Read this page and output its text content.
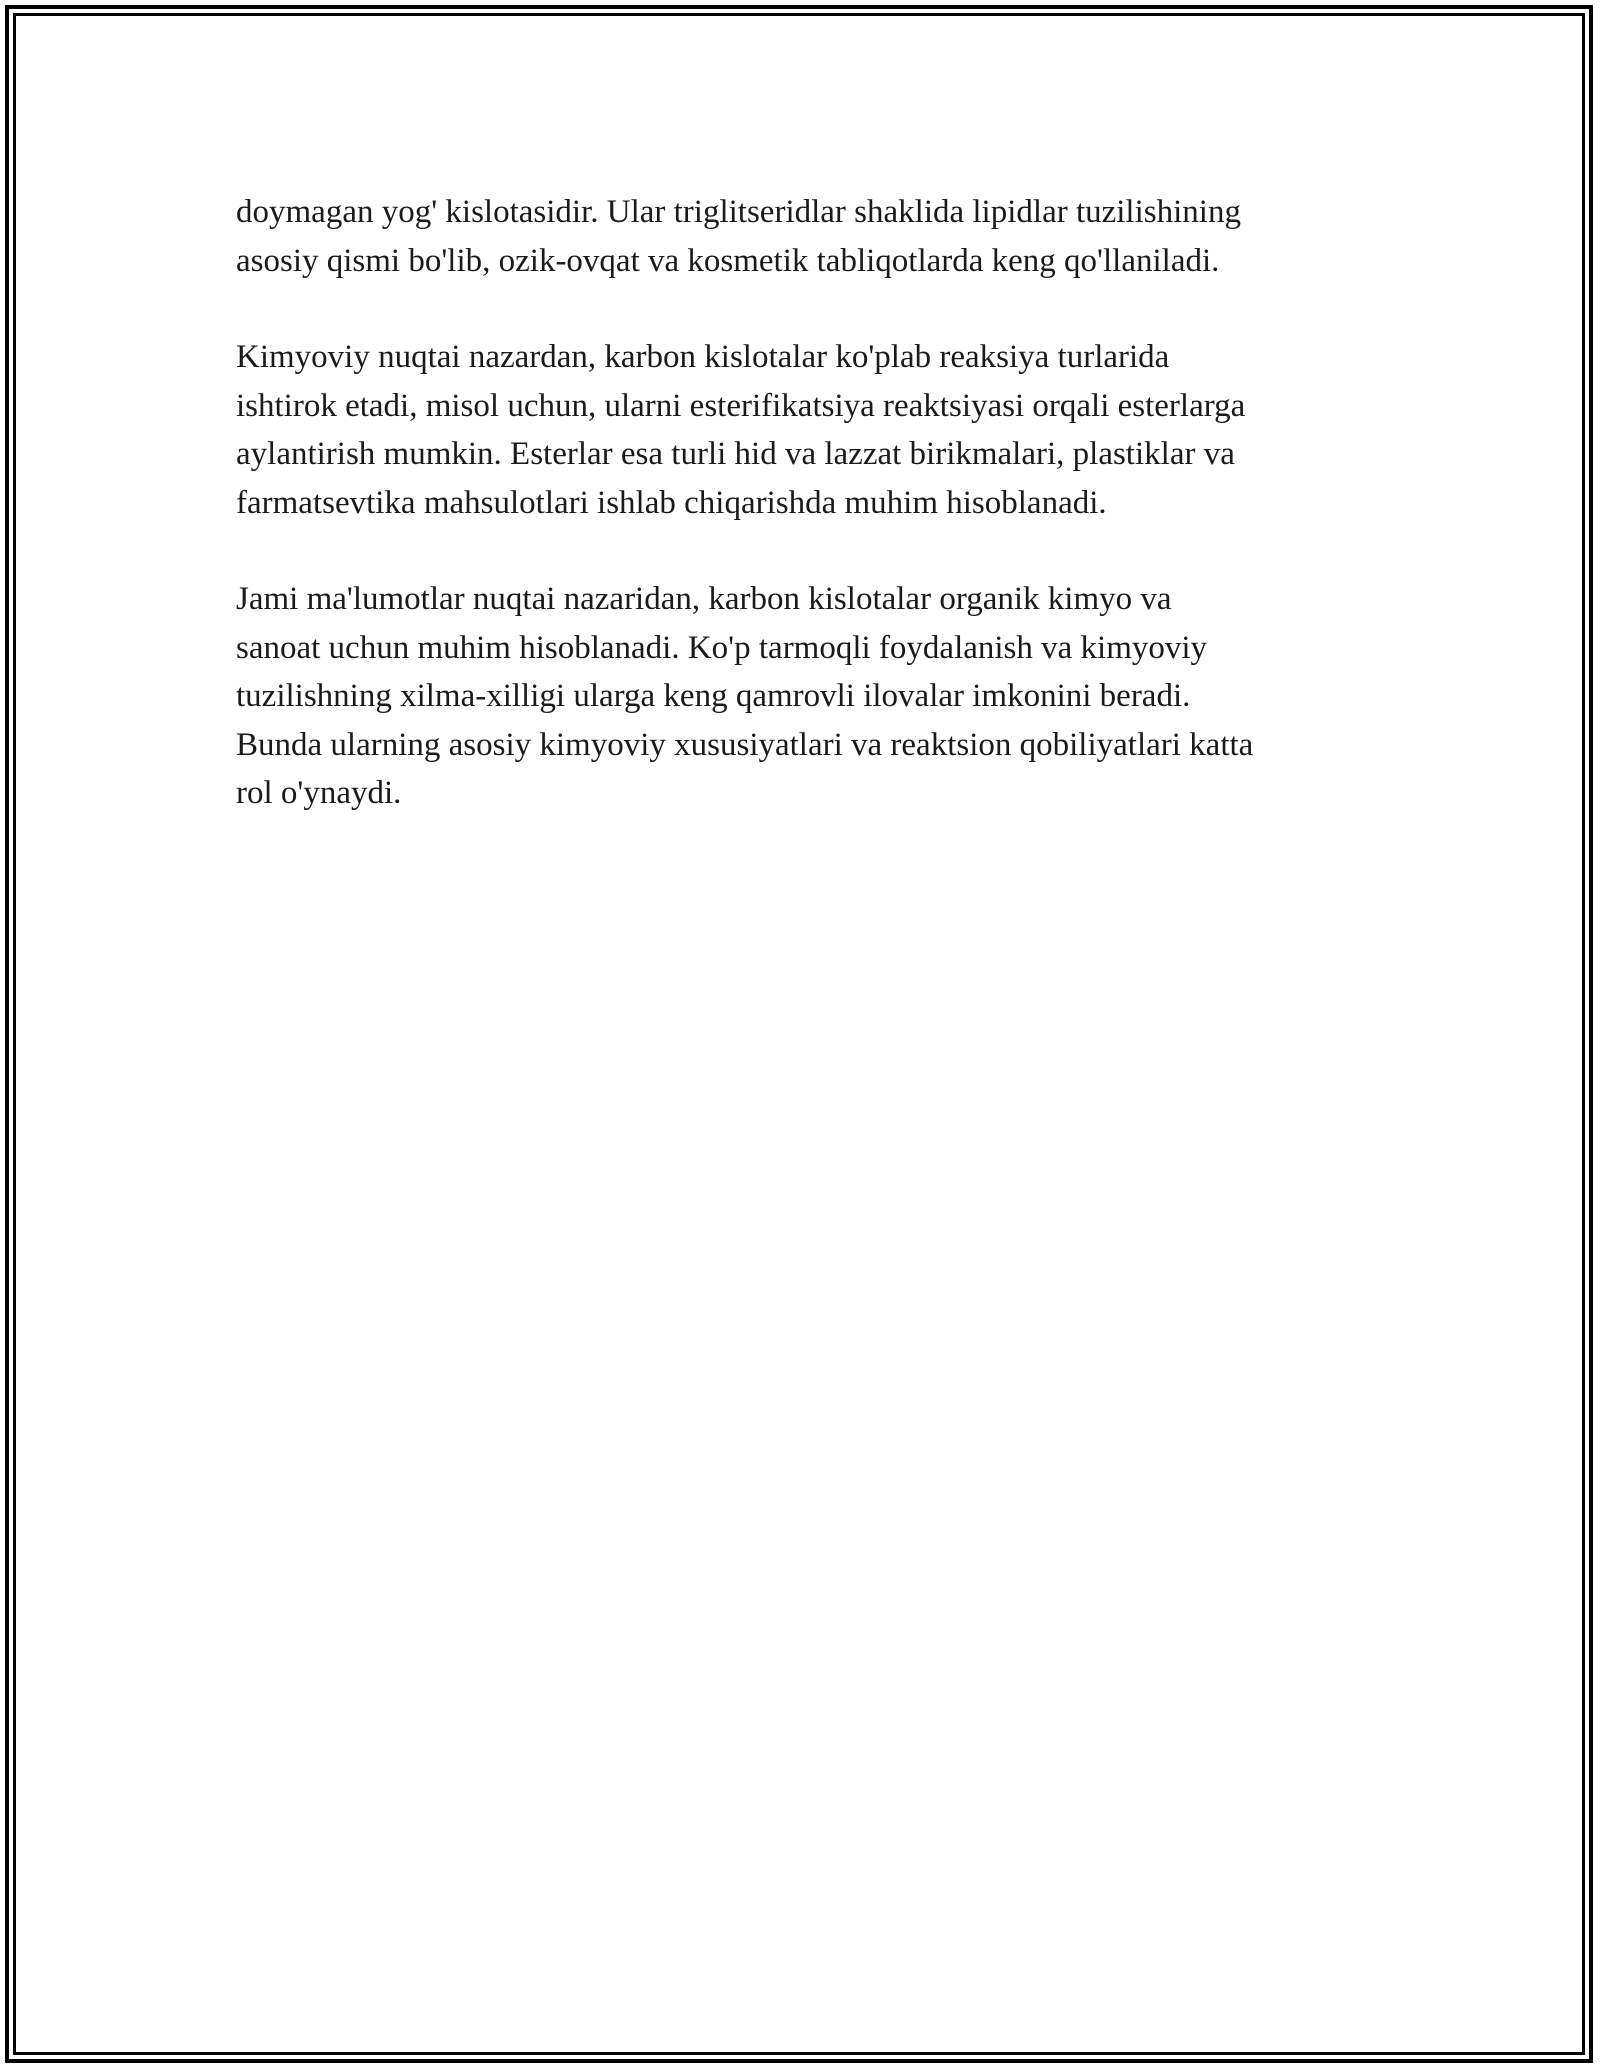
doymagan yog' kislotasidir. Ular triglitseridlar shaklida lipidlar tuzilishining
asosiy qismi bo'lib, ozik-ovqat va kosmetik tabliqotlarda keng qo'llaniladi.

Kimyoviy nuqtai nazardan, karbon kislotalar ko'plab reaksiya turlarida
ishtirok etadi, misol uchun, ularni esterifikatsiya reaktsiyasi orqali esterlarga
aylantirish mumkin. Esterlar esa turli hid va lazzat birikmalari, plastiklar va
farmatsevtika mahsulotlari ishlab chiqarishda muhim hisoblanadi.

Jami ma'lumotlar nuqtai nazaridan, karbon kislotalar organik kimyo va
sanoat uchun muhim hisoblanadi. Ko'p tarmoqli foydalanish va kimyoviy
tuzilishning xilma-xilligi ularga keng qamrovli ilovalar imkonini beradi.
Bunda ularning asosiy kimyoviy xususiyatlari va reaktsion qobiliyatlari katta
rol o'ynaydi.
